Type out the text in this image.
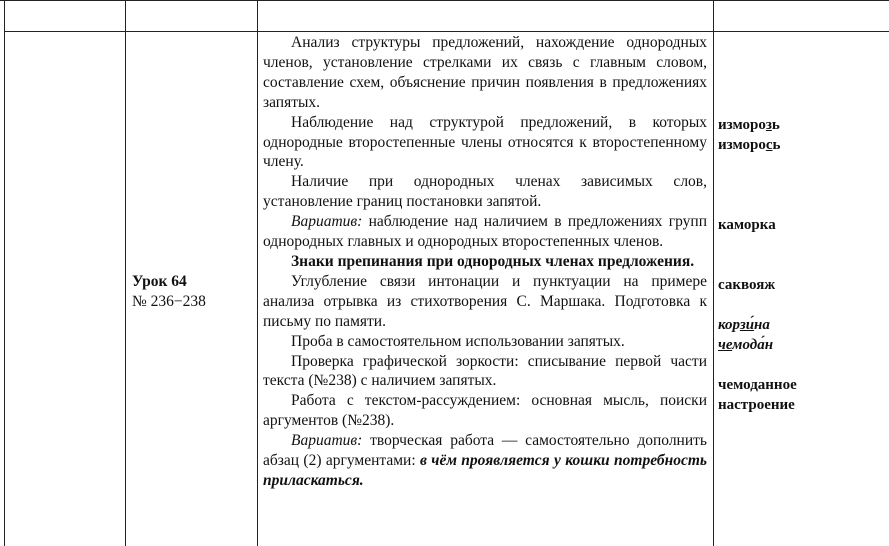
Урок 64
№ 236−238

Анализ структуры предложений, нахождение однородных членов, установление стрелками их связь с главным словом, составление схем, объяснение причин появления в предложениях запятых.

Наблюдение над структурой предложений, в которых однородные второстепенные члены относятся к второстепенному члену.

Наличие при однородных членах зависимых слов, установление границ постановки запятой.

Вариатив: наблюдение над наличием в предложениях групп однородных главных и однородных второстепенных членов.

Знаки препинания при однородных членах предложения.

Углубление связи интонации и пунктуации на примере анализа отрывка из стихотворения С. Маршака. Подготовка к письму по памяти.

Проба в самостоятельном использовании запятых.

Проверка графической зоркости: списывание первой части текста (№238) с наличием запятых.

Работа с текстом-рассуждением: основная мысль, поиски аргументов (№238).

Вариатив: творческая работа — самостоятельно дополнить абзац (2) аргументами: в чём проявляется у кошки потребность приласкаться.

изморозь
изморось
каморка
саквояж
корзи́на
чемода́н
чемоданное
настроение
